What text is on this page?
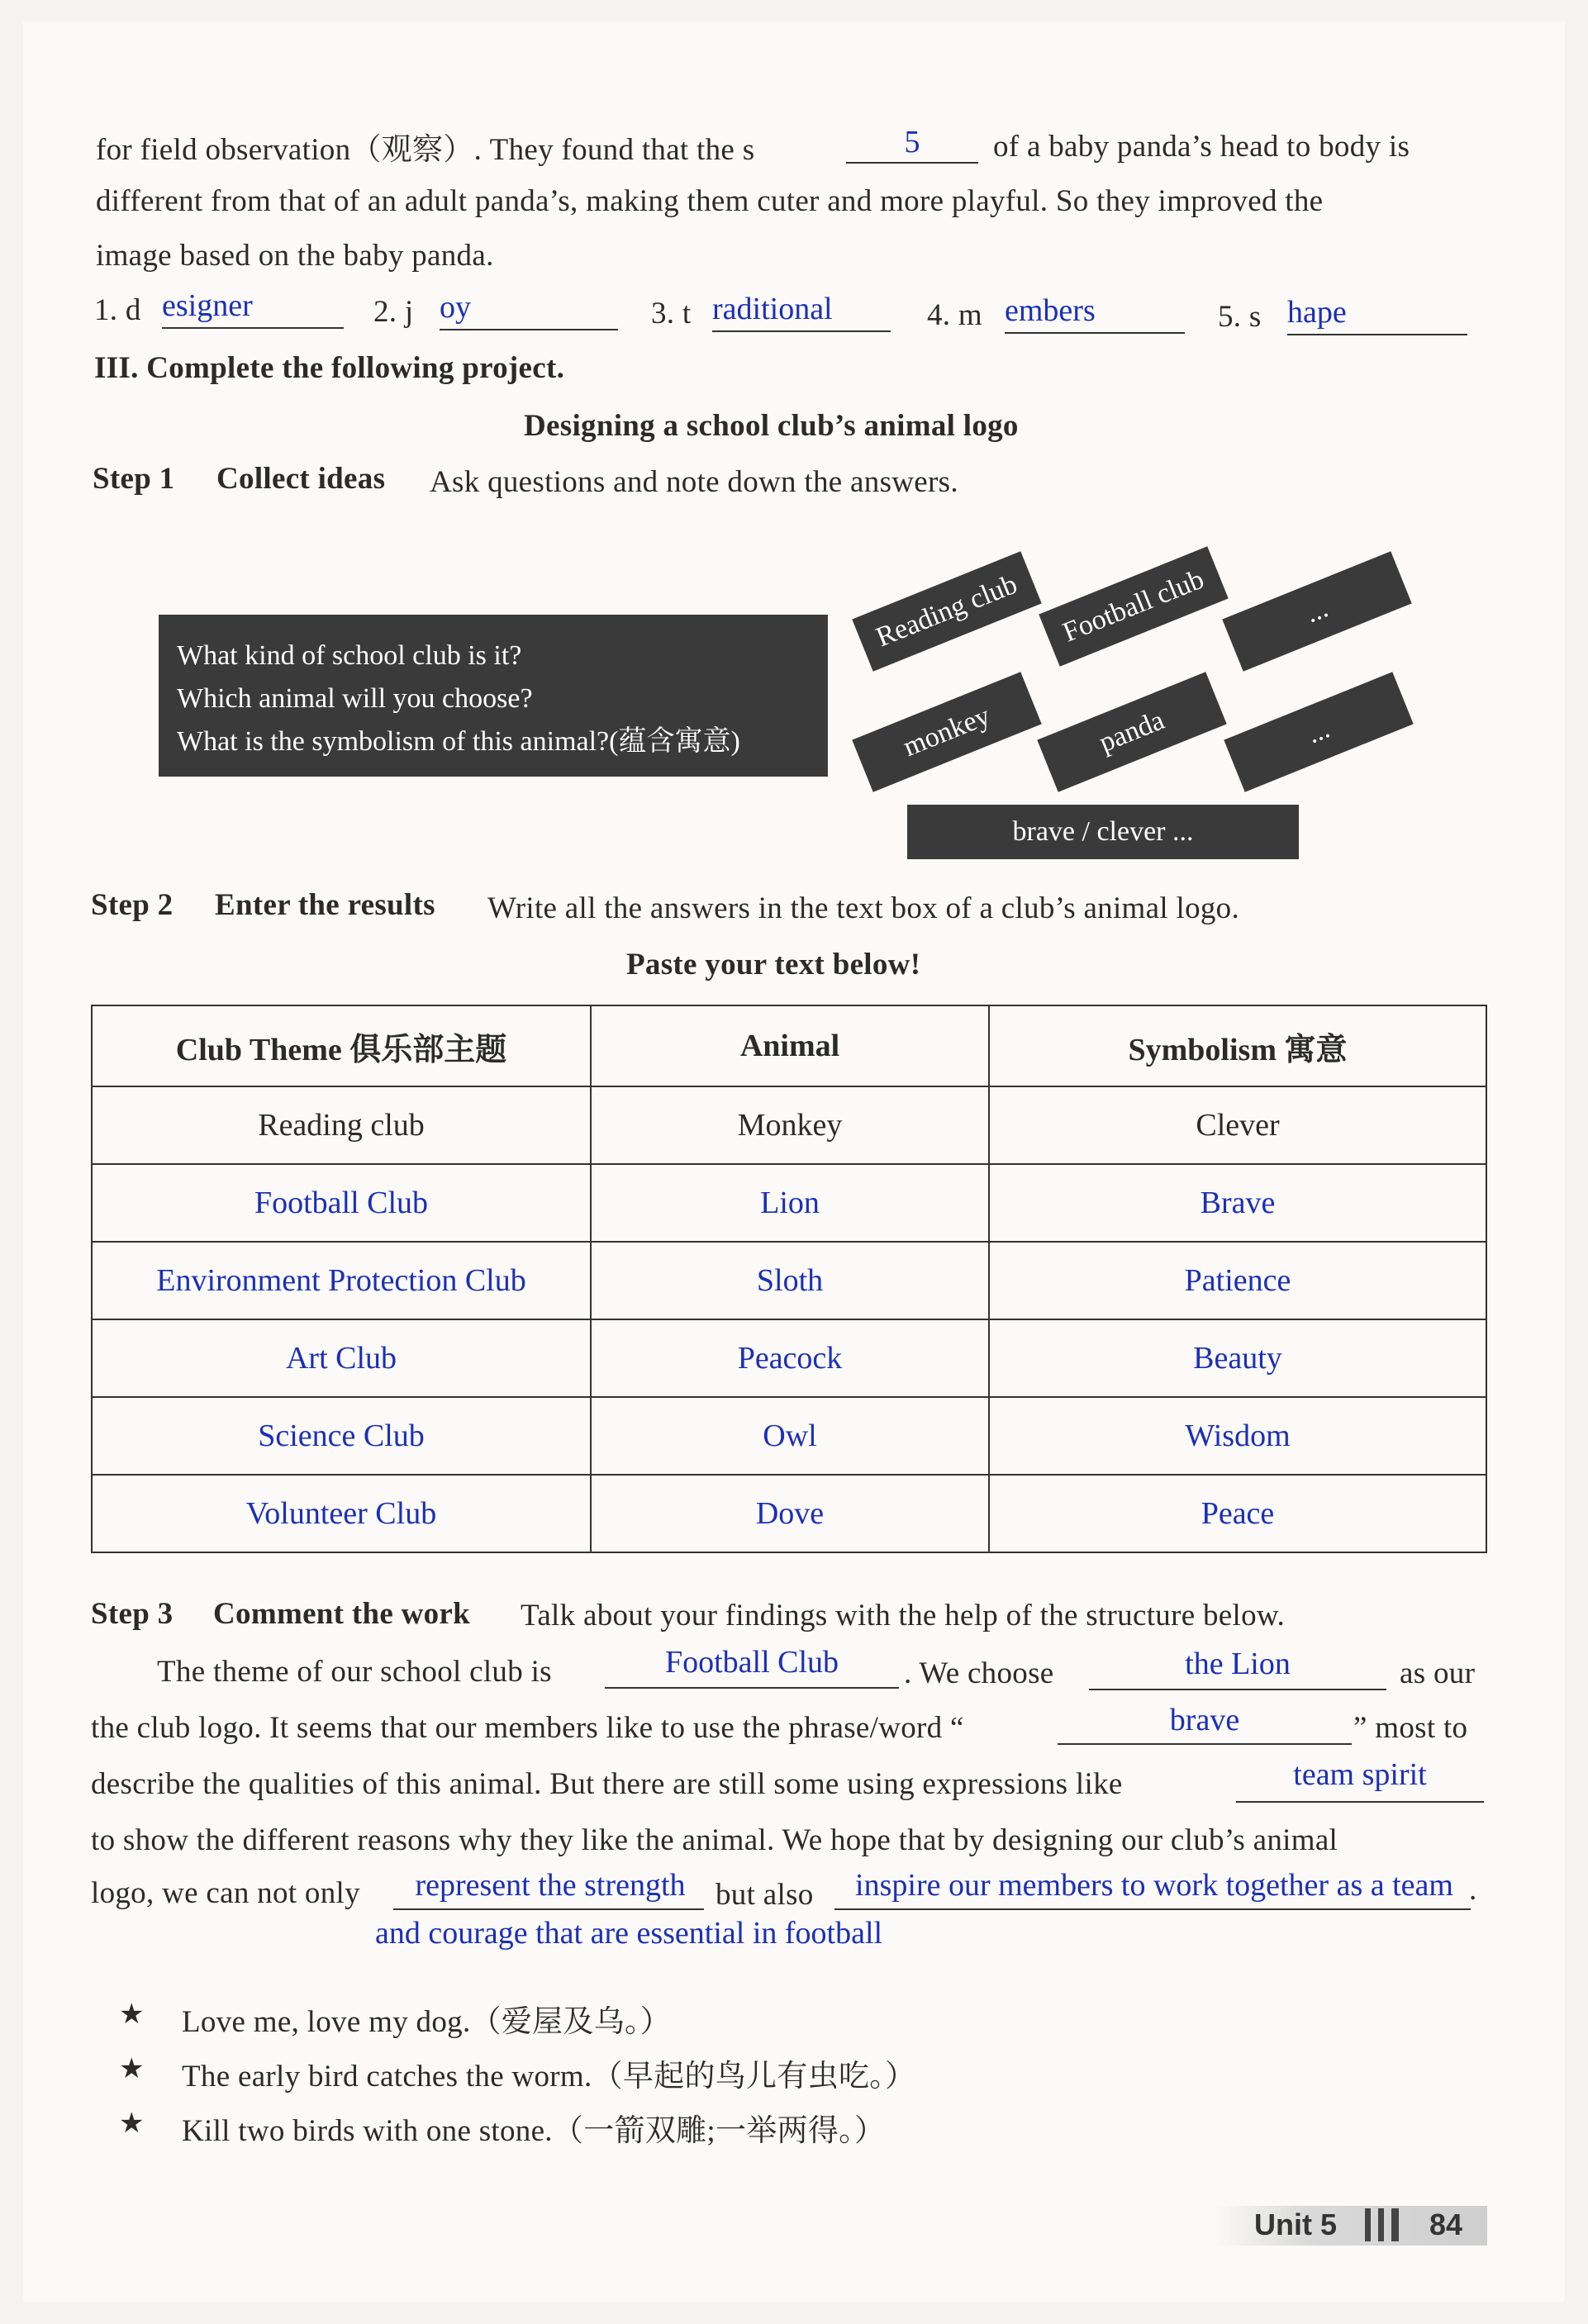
for field observation（观察）. They found that the s	5	of a baby panda’s head to body is
different from that of an adult panda’s, making them cuter and more playful. So they improved the
image based on the baby panda.
1. d esigner	2. j oy	3. t raditional	4. m embers	5. s hape
III. Complete the following project.
Designing a school club’s animal logo
Step 1 Collect ideas Ask questions and note down the answers.
What kind of school club is it?
Which animal will you choose?
What is the symbolism of this animal?(蕴含寓意)
Reading club	Football club	...
monkey	panda	...
brave / clever ...
Step 2 Enter the results Write all the answers in the text box of a club’s animal logo.
Paste your text below!
Club Theme 俱乐部主题	Animal	Symbolism 寓意
Reading club	Monkey	Clever
Football Club	Lion	Brave
Environment Protection Club	Sloth	Patience
Art Club	Peacock	Beauty
Science Club	Owl	Wisdom
Volunteer Club	Dove	Peace
Step 3 Comment the work Talk about your findings with the help of the structure below.
The theme of our school club is	Football Club	. We choose	the Lion	as our
the club logo. It seems that our members like to use the phrase/word “	brave	” most to
describe the qualities of this animal. But there are still some using expressions like	team spirit
to show the different reasons why they like the animal. We hope that by designing our club’s animal
logo, we can not only	represent the strength but also	inspire our members to work together as a team .
and courage that are essential in football
★ Love me, love my dog.（爱屋及乌。）
★ The early bird catches the worm.（早起的鸟儿有虫吃。）
★ Kill two birds with one stone.（一箭双雕;一举两得。）
Unit 5	84
